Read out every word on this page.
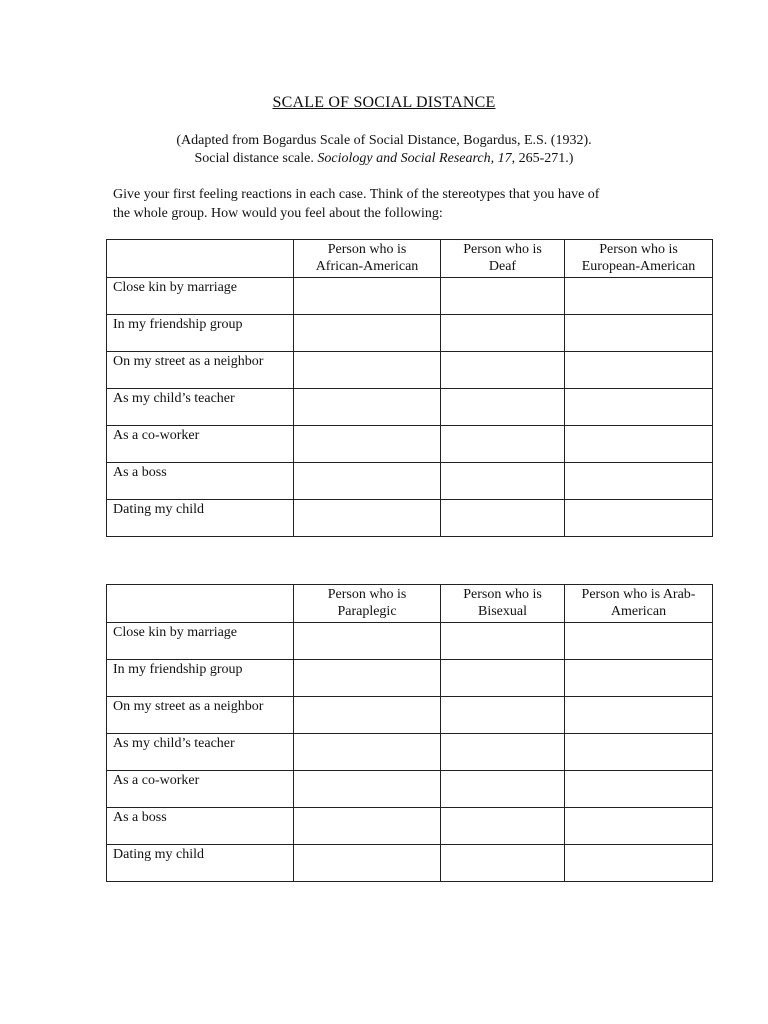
SCALE OF SOCIAL DISTANCE
(Adapted from Bogardus Scale of Social Distance, Bogardus, E.S. (1932).
Social distance scale. Sociology and Social Research, 17, 265-271.)
Give your first feeling reactions in each case. Think of the stereotypes that you have of
the whole group. How would you feel about the following:
	Person who is
African-American	Person who is
Deaf	Person who is
European-American
Close kin by marriage			
In my friendship group			
On my street as a neighbor			
As my child’s teacher			
As a co-worker			
As a boss			
Dating my child			
	Person who is
Paraplegic	Person who is
Bisexual	Person who is Arab-
American
Close kin by marriage			
In my friendship group			
On my street as a neighbor			
As my child’s teacher			
As a co-worker			
As a boss			
Dating my child			
